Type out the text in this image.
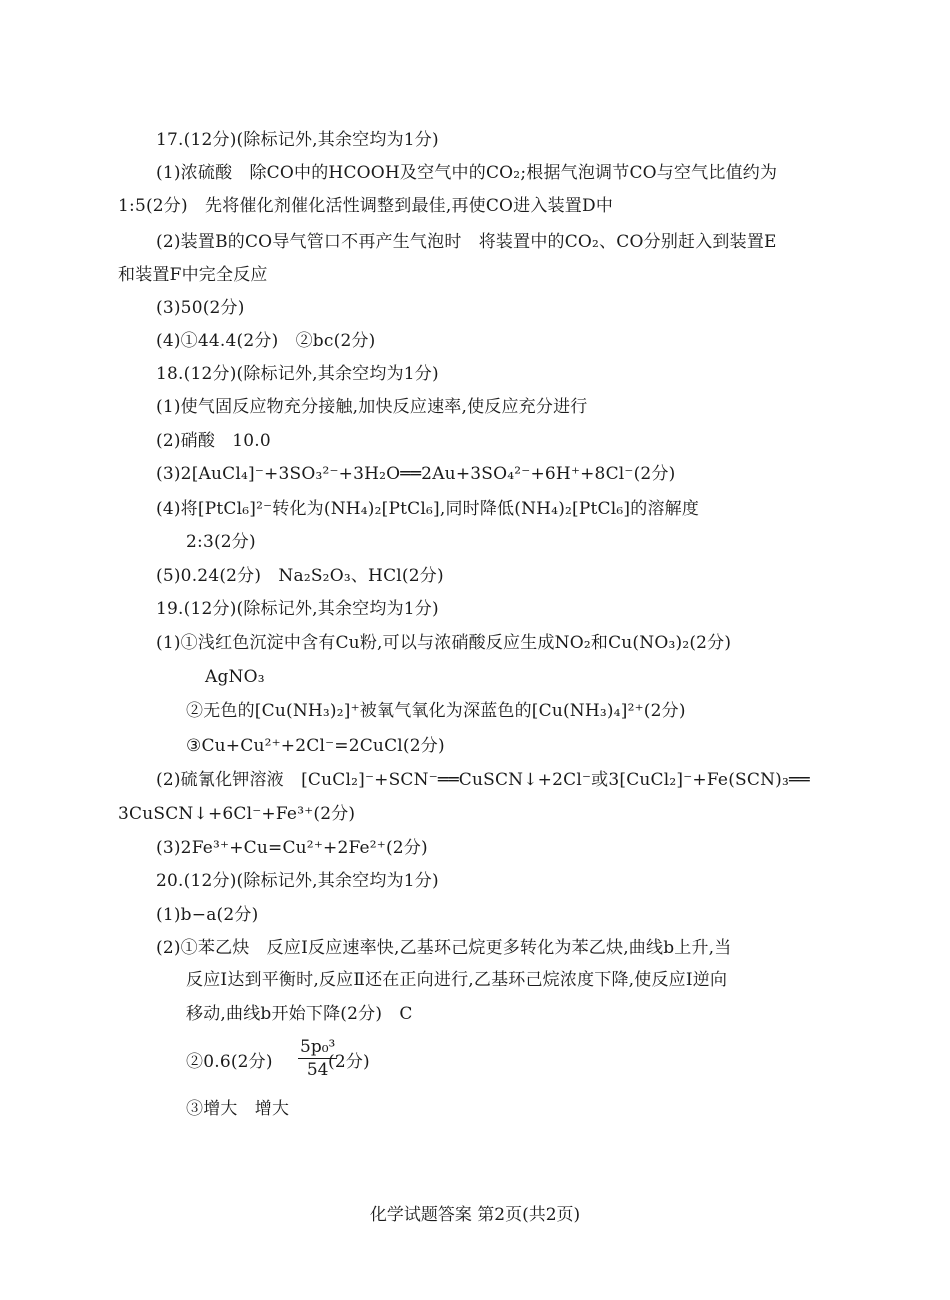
17.(12分)(除标记外,其余空均为1分)
(1)浓硫酸　除CO中的HCOOH及空气中的CO₂;根据气泡调节CO与空气比值约为
1:5(2分)　先将催化剂催化活性调整到最佳,再使CO进入装置D中
(2)装置B的CO导气管口不再产生气泡时　将装置中的CO₂、CO分别赶入到装置E
和装置F中完全反应
(3)50(2分)
(4)①44.4(2分)　②bc(2分)
18.(12分)(除标记外,其余空均为1分)
(1)使气固反应物充分接触,加快反应速率,使反应充分进行
(2)硝酸　10.0
(3)2[AuCl₄]⁻+3SO₃²⁻+3H₂O══2Au+3SO₄²⁻+6H⁺+8Cl⁻(2分)
(4)将[PtCl₆]²⁻转化为(NH₄)₂[PtCl₆],同时降低(NH₄)₂[PtCl₆]的溶解度
2:3(2分)
(5)0.24(2分)　Na₂S₂O₃、HCl(2分)
19.(12分)(除标记外,其余空均为1分)
(1)①浅红色沉淀中含有Cu粉,可以与浓硝酸反应生成NO₂和Cu(NO₃)₂(2分)
AgNO₃
②无色的[Cu(NH₃)₂]⁺被氧气氧化为深蓝色的[Cu(NH₃)₄]²⁺(2分)
③Cu+Cu²⁺+2Cl⁻=2CuCl(2分)
(2)硫氰化钾溶液　[CuCl₂]⁻+SCN⁻══CuSCN↓+2Cl⁻或3[CuCl₂]⁻+Fe(SCN)₃══
3CuSCN↓+6Cl⁻+Fe³⁺(2分)
(3)2Fe³⁺+Cu=Cu²⁺+2Fe²⁺(2分)
20.(12分)(除标记外,其余空均为1分)
(1)b−a(2分)
(2)①苯乙炔　反应Ⅰ反应速率快,乙基环己烷更多转化为苯乙炔,曲线b上升,当
反应Ⅰ达到平衡时,反应Ⅱ还在正向进行,乙基环己烷浓度下降,使反应Ⅰ逆向
移动,曲线b开始下降(2分)　C
②0.6(2分) $\frac{\text{5p₀³}}{54}$
(2分)
③增大　增大
化学试题答案 第2页(共2页)
